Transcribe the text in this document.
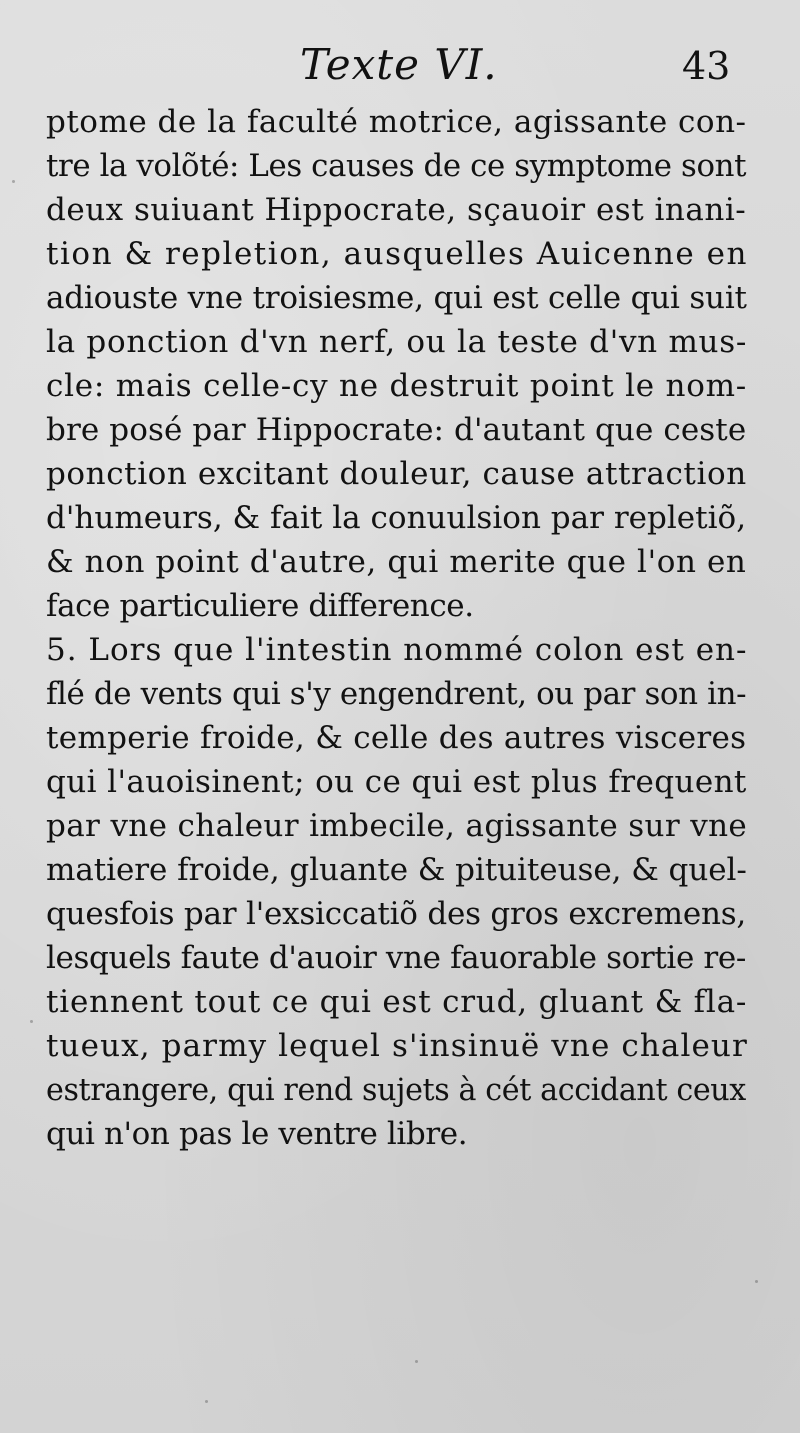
Texte VI.	43
ptome de la faculté motrice, agissante con-
tre la volõté: Les causes de ce symptome sont
deux suiuant Hippocrate, sçauoir est inani-
tion & repletion, ausquelles Auicenne en
adiouste vne troisiesme, qui est celle qui suit
la ponction d'vn nerf, ou la teste d'vn mus-
cle: mais celle-cy ne destruit point le nom-
bre posé par Hippocrate: d'autant que ceste
ponction excitant douleur, cause attraction
d'humeurs, & fait la conuulsion par repletiõ,
& non point d'autre, qui merite que l'on en
face particuliere difference.
5. Lors que l'intestin nommé colon est en-
flé de vents qui s'y engendrent, ou par son in-
temperie froide, & celle des autres visceres
qui l'auoisinent; ou ce qui est plus frequent
par vne chaleur imbecile, agissante sur vne
matiere froide, gluante & pituiteuse, & quel-
quesfois par l'exsiccatiõ des gros excremens,
lesquels faute d'auoir vne fauorable sortie re-
tiennent tout ce qui est crud, gluant & fla-
tueux, parmy lequel s'insinuë vne chaleur
estrangere, qui rend sujets à cét accidant ceux
qui n'on pas le ventre libre.
